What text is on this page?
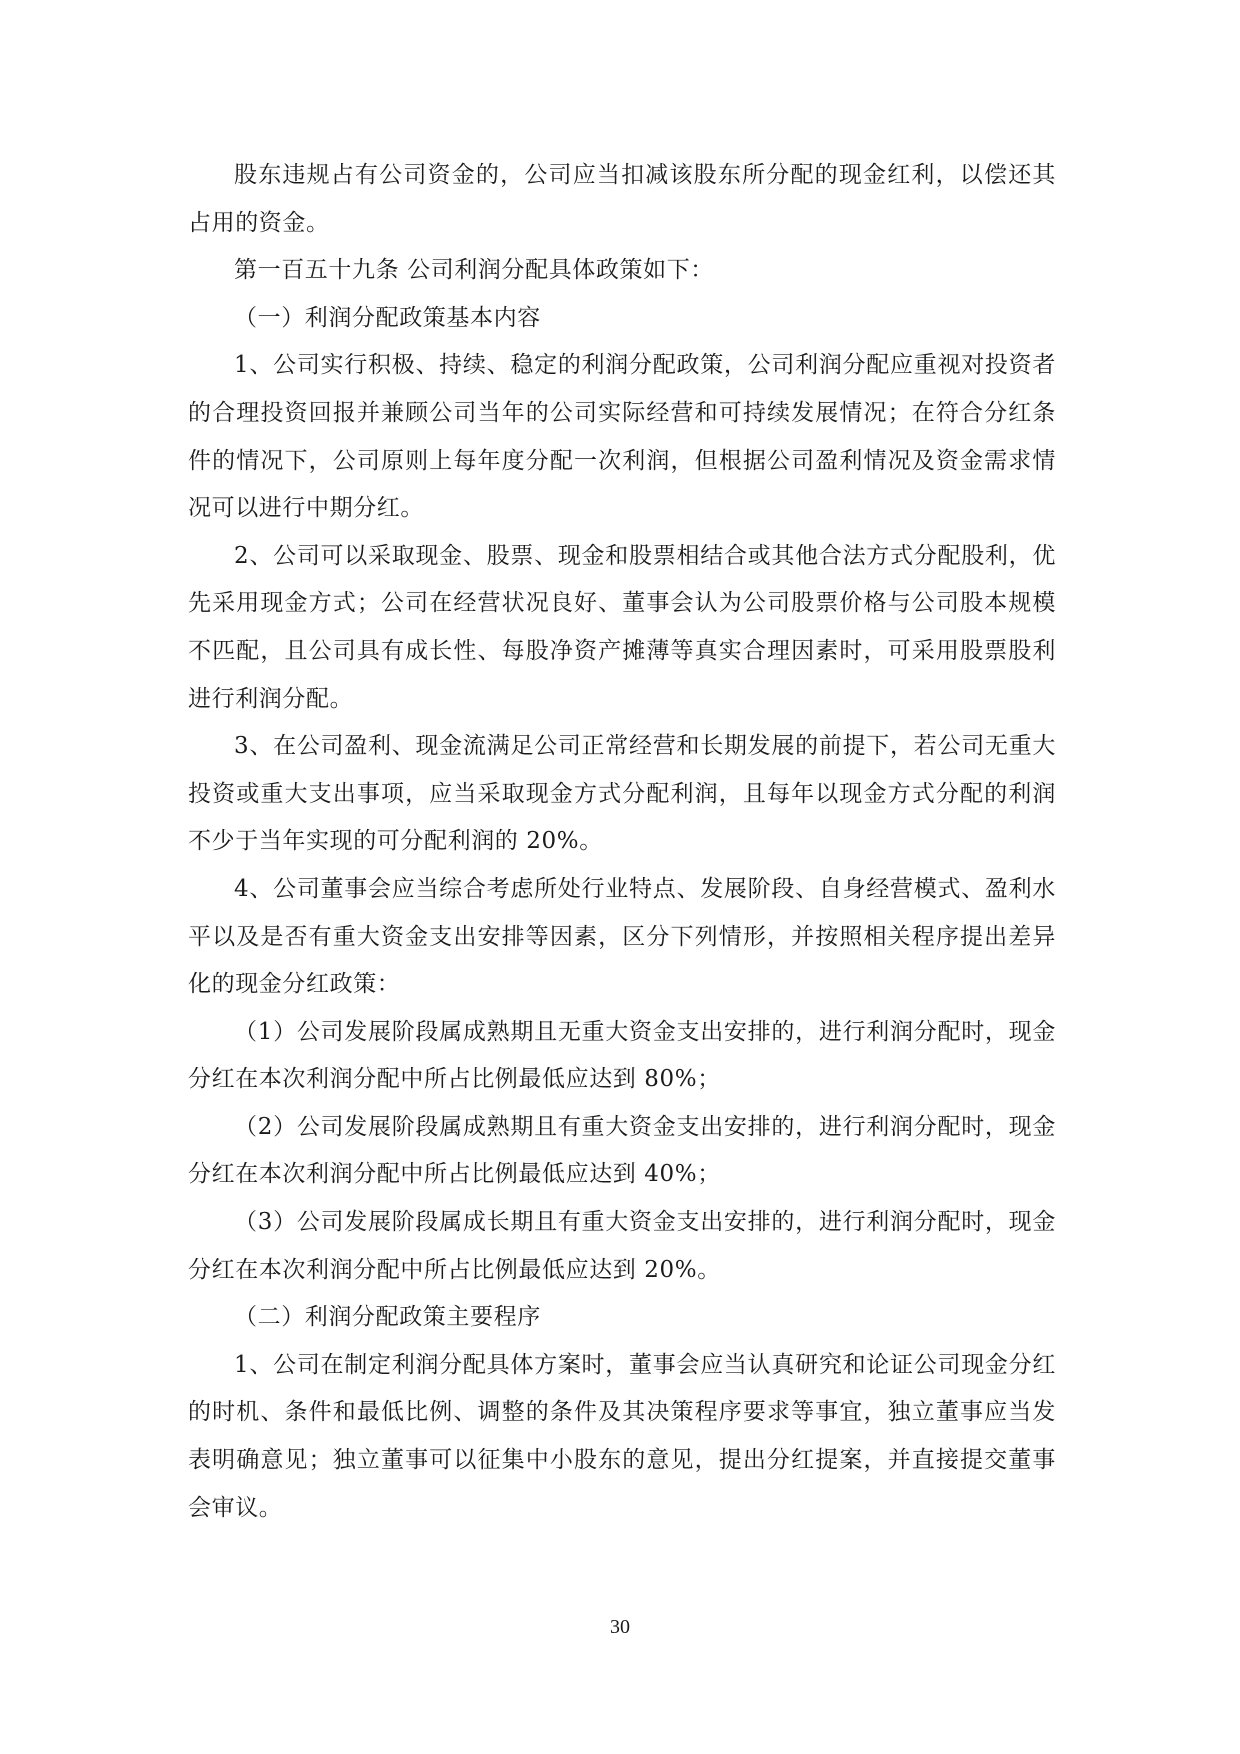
股东违规占有公司资金的，公司应当扣减该股东所分配的现金红利，以偿还其占用的资金。

第一百五十九条 公司利润分配具体政策如下：

（一）利润分配政策基本内容

1、公司实行积极、持续、稳定的利润分配政策，公司利润分配应重视对投资者的合理投资回报并兼顾公司当年的公司实际经营和可持续发展情况；在符合分红条件的情况下，公司原则上每年度分配一次利润，但根据公司盈利情况及资金需求情况可以进行中期分红。

2、公司可以采取现金、股票、现金和股票相结合或其他合法方式分配股利，优先采用现金方式；公司在经营状况良好、董事会认为公司股票价格与公司股本规模不匹配，且公司具有成长性、每股净资产摊薄等真实合理因素时，可采用股票股利进行利润分配。

3、在公司盈利、现金流满足公司正常经营和长期发展的前提下，若公司无重大投资或重大支出事项，应当采取现金方式分配利润，且每年以现金方式分配的利润不少于当年实现的可分配利润的 20%。

4、公司董事会应当综合考虑所处行业特点、发展阶段、自身经营模式、盈利水平以及是否有重大资金支出安排等因素，区分下列情形，并按照相关程序提出差异化的现金分红政策：

（1）公司发展阶段属成熟期且无重大资金支出安排的，进行利润分配时，现金分红在本次利润分配中所占比例最低应达到 80%；

（2）公司发展阶段属成熟期且有重大资金支出安排的，进行利润分配时，现金分红在本次利润分配中所占比例最低应达到 40%；

（3）公司发展阶段属成长期且有重大资金支出安排的，进行利润分配时，现金分红在本次利润分配中所占比例最低应达到 20%。

（二）利润分配政策主要程序

1、公司在制定利润分配具体方案时，董事会应当认真研究和论证公司现金分红的时机、条件和最低比例、调整的条件及其决策程序要求等事宜，独立董事应当发表明确意见；独立董事可以征集中小股东的意见，提出分红提案，并直接提交董事会审议。

30
